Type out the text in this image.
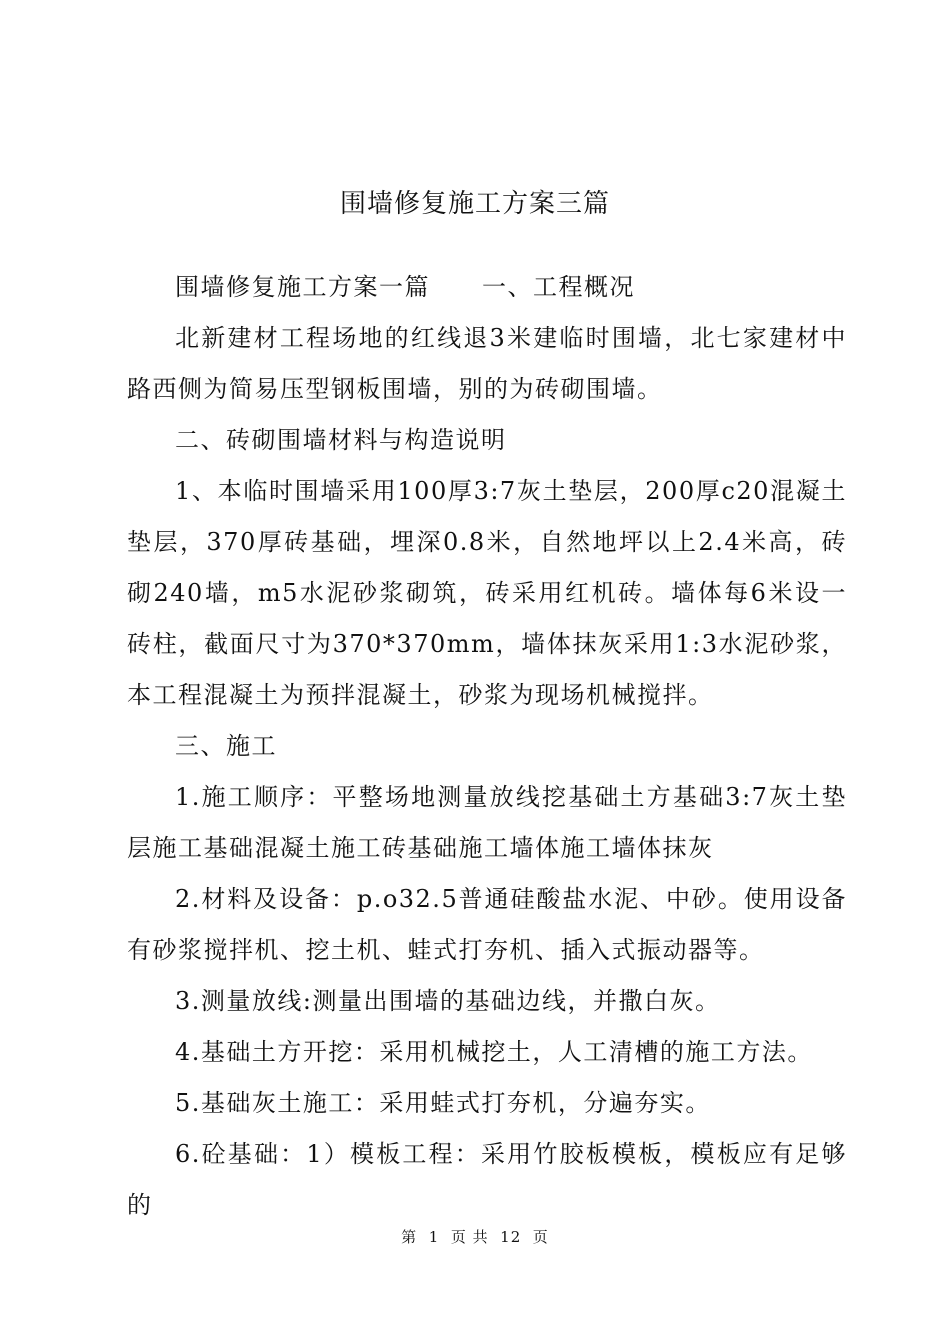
围墙修复施工方案三篇

围墙修复施工方案一篇 一、工程概况

北新建材工程场地的红线退3米建临时围墙，北七家建材中路西侧为简易压型钢板围墙，别的为砖砌围墙。

二、砖砌围墙材料与构造说明

1、本临时围墙采用100厚3:7灰土垫层，200厚c20混凝土垫层，370厚砖基础，埋深0.8米，自然地坪以上2.4米高，砖砌240墙，m5水泥砂浆砌筑，砖采用红机砖。墙体每6米设一砖柱，截面尺寸为370*370mm，墙体抹灰采用1:3水泥砂浆，本工程混凝土为预拌混凝土，砂浆为现场机械搅拌。

三、施工

1.施工顺序：平整场地测量放线挖基础土方基础3:7灰土垫层施工基础混凝土施工砖基础施工墙体施工墙体抹灰

2.材料及设备：p.o32.5普通硅酸盐水泥、中砂。使用设备有砂浆搅拌机、挖土机、蛙式打夯机、插入式振动器等。

3.测量放线:测量出围墙的基础边线，并撒白灰。

4.基础土方开挖：采用机械挖土，人工清槽的施工方法。

5.基础灰土施工：采用蛙式打夯机，分遍夯实。

6.砼基础：1）模板工程：采用竹胶板模板，模板应有足够的

第 1 页 共 12 页
